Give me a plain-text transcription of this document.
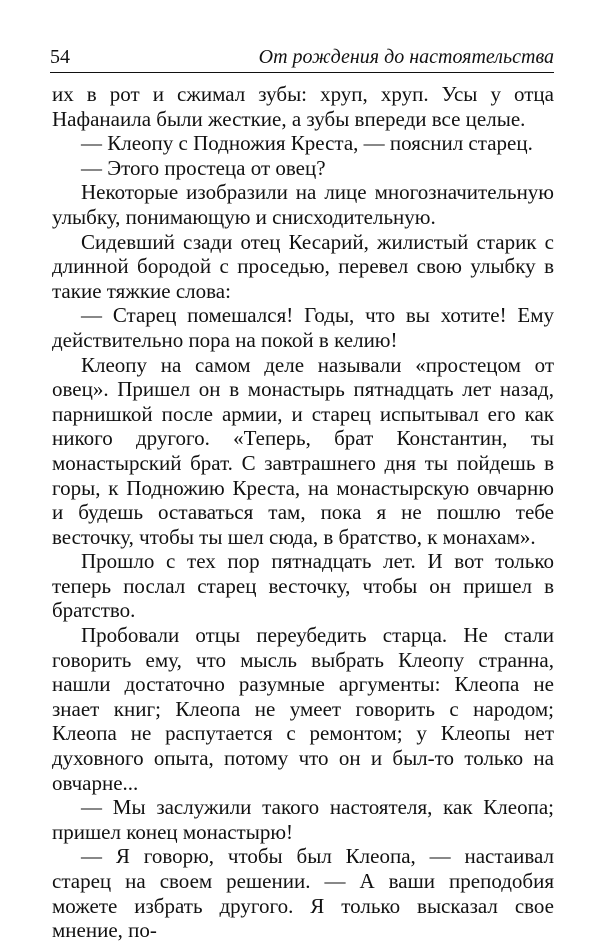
54	От рождения до настоятельства

их в рот и сжимал зубы: хруп, хруп. Усы у отца Нафанаила были жесткие, а зубы впереди все целые.

— Клеопу с Подножия Креста, — пояснил старец.

— Этого простеца от овец?

Некоторые изобразили на лице многозначительную улыбку, понимающую и снисходительную.

Сидевший сзади отец Кесарий, жилистый старик с длинной бородой с проседью, перевел свою улыбку в такие тяжкие слова:

— Старец помешался! Годы, что вы хотите! Ему действительно пора на покой в келию!

Клеопу на самом деле называли «простецом от овец». Пришел он в монастырь пятнадцать лет назад, парнишкой после армии, и старец испытывал его как никого другого. «Теперь, брат Константин, ты монастырский брат. С завтрашнего дня ты пойдешь в горы, к Подножию Креста, на монастырскую овчарню и будешь оставаться там, пока я не пошлю тебе весточку, чтобы ты шел сюда, в братство, к монахам».

Прошло с тех пор пятнадцать лет. И вот только теперь послал старец весточку, чтобы он пришел в братство.

Пробовали отцы переубедить старца. Не стали говорить ему, что мысль выбрать Клеопу странна, нашли достаточно разумные аргументы: Клеопа не знает книг; Клеопа не умеет говорить с народом; Клеопа не распутается с ремонтом; у Клеопы нет духовного опыта, потому что он и был-то только на овчарне...

— Мы заслужили такого настоятеля, как Клеопа; пришел конец монастырю!

— Я говорю, чтобы был Клеопа, — настаивал старец на своем решении. — А ваши преподобия можете избрать другого. Я только высказал свое мнение, по-
